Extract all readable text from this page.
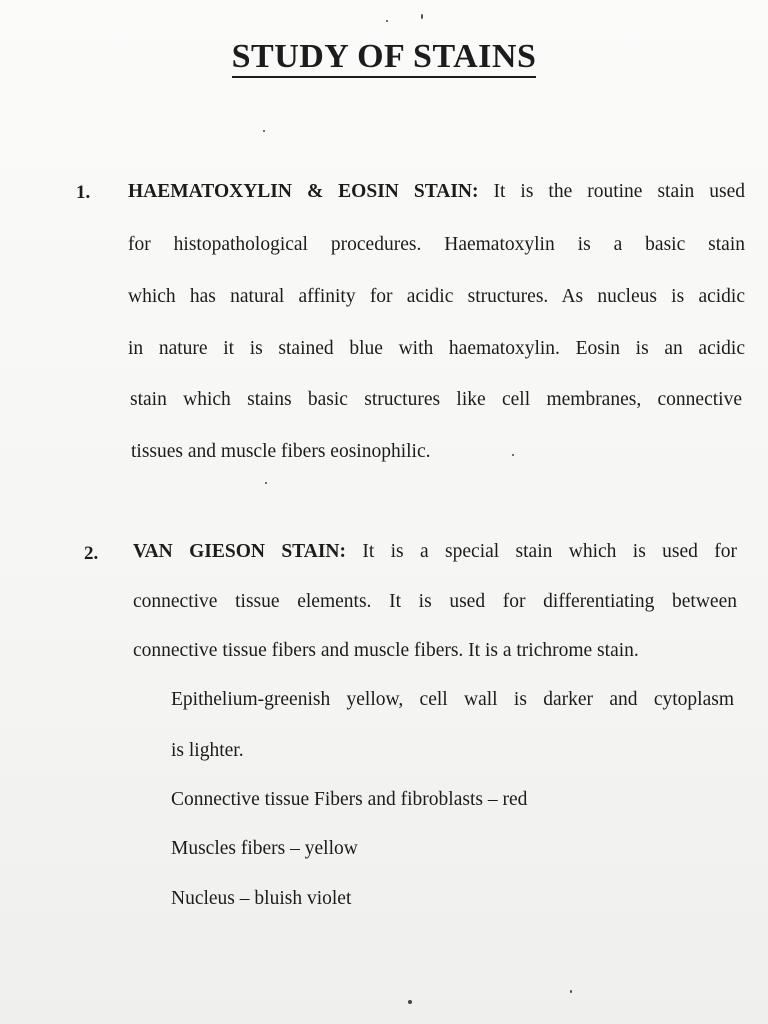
STUDY OF STAINS
1. HAEMATOXYLIN & EOSIN STAIN: It is the routine stain used
for histopathological procedures. Haematoxylin is a basic stain
which has natural affinity for acidic structures. As nucleus is acidic
in nature it is stained blue with haematoxylin. Eosin is an acidic
stain which stains basic structures like cell membranes, connective
tissues and muscle fibers eosinophilic.
2. VAN GIESON STAIN: It is a special stain which is used for
connective tissue elements. It is used for differentiating between
connective tissue fibers and muscle fibers. It is a trichrome stain.
Epithelium-greenish yellow, cell wall is darker and cytoplasm
is lighter.
Connective tissue Fibers and fibroblasts – red
Muscles fibers – yellow
Nucleus – bluish violet
